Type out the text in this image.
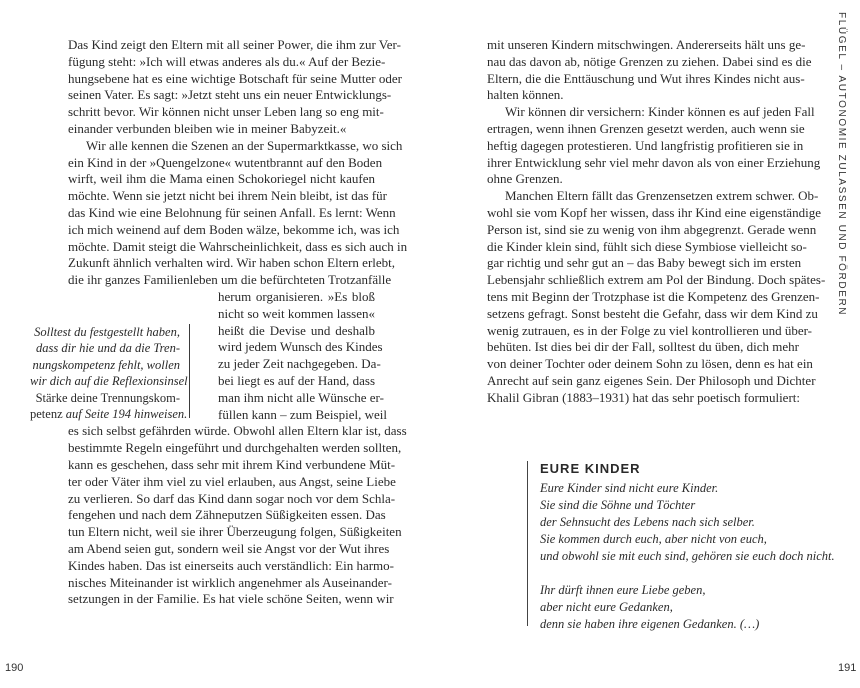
FLÜGEL – AUTONOMIE ZULASSEN UND FÖRDERN
Das Kind zeigt den Eltern mit all seiner Power, die ihm zur Ver-
fügung steht: »Ich will etwas anderes als du.« Auf der Bezie-
hungsebene hat es eine wichtige Botschaft für seine Mutter oder
seinen Vater. Es sagt: »Jetzt steht uns ein neuer Entwicklungs-
schritt bevor. Wir können nicht unser Leben lang so eng mit-
einander verbunden bleiben wie in meiner Babyzeit.«
Wir alle kennen die Szenen an der Supermarktkasse, wo sich
ein Kind in der »Quengelzone« wutentbrannt auf den Boden
wirft, weil ihm die Mama einen Schokoriegel nicht kaufen
möchte. Wenn sie jetzt nicht bei ihrem Nein bleibt, ist das für
das Kind wie eine Belohnung für seinen Anfall. Es lernt: Wenn
ich mich weinend auf dem Boden wälze, bekomme ich, was ich
möchte. Damit steigt die Wahrscheinlichkeit, dass es sich auch in
Zukunft ähnlich verhalten wird. Wir haben schon Eltern erlebt,
die ihr ganzes Familienleben um die befürchteten Trotzanfälle
herum organisieren. »Es bloß
nicht so weit kommen lassen«
heißt die Devise und deshalb
wird jedem Wunsch des Kindes
zu jeder Zeit nachgegeben. Da-
bei liegt es auf der Hand, dass
man ihm nicht alle Wünsche er-
füllen kann – zum Beispiel, weil
es sich selbst gefährden würde. Obwohl allen Eltern klar ist, dass
bestimmte Regeln eingeführt und durchgehalten werden sollten,
kann es geschehen, dass sehr mit ihrem Kind verbundene Müt-
ter oder Väter ihm viel zu viel erlauben, aus Angst, seine Liebe
zu verlieren. So darf das Kind dann sogar noch vor dem Schla-
fengehen und nach dem Zähneputzen Süßigkeiten essen. Das
tun Eltern nicht, weil sie ihrer Überzeugung folgen, Süßigkeiten
am Abend seien gut, sondern weil sie Angst vor der Wut ihres
Kindes haben. Das ist einerseits auch verständlich: Ein harmo-
nisches Miteinander ist wirklich angenehmer als Auseinander-
setzungen in der Familie. Es hat viele schöne Seiten, wenn wir
Solltest du festgestellt haben,
dass dir hie und da die Tren-
nungskompetenz fehlt, wollen
wir dich auf die Reflexionsinsel
Stärke deine Trennungskom-
petenz auf Seite 194 hinweisen.
mit unseren Kindern mitschwingen. Andererseits hält uns ge-
nau das davon ab, nötige Grenzen zu ziehen. Dabei sind es die
Eltern, die die Enttäuschung und Wut ihres Kindes nicht aus-
halten können.
Wir können dir versichern: Kinder können es auf jeden Fall
ertragen, wenn ihnen Grenzen gesetzt werden, auch wenn sie
heftig dagegen protestieren. Und langfristig profitieren sie in
ihrer Entwicklung sehr viel mehr davon als von einer Erziehung
ohne Grenzen.
Manchen Eltern fällt das Grenzensetzen extrem schwer. Ob-
wohl sie vom Kopf her wissen, dass ihr Kind eine eigenständige
Person ist, sind sie zu wenig von ihm abgegrenzt. Gerade wenn
die Kinder klein sind, fühlt sich diese Symbiose vielleicht so-
gar richtig und sehr gut an – das Baby bewegt sich im ersten
Lebensjahr schließlich extrem am Pol der Bindung. Doch spätes-
tens mit Beginn der Trotzphase ist die Kompetenz des Grenzen-
setzens gefragt. Sonst besteht die Gefahr, dass wir dem Kind zu
wenig zutrauen, es in der Folge zu viel kontrollieren und über-
behüten. Ist dies bei dir der Fall, solltest du üben, dich mehr
von deiner Tochter oder deinem Sohn zu lösen, denn es hat ein
Anrecht auf sein ganz eigenes Sein. Der Philosoph und Dichter
Khalil Gibran (1883–1931) hat das sehr poetisch formuliert:
EURE KINDER
Eure Kinder sind nicht eure Kinder.
Sie sind die Söhne und Töchter
der Sehnsucht des Lebens nach sich selber.
Sie kommen durch euch, aber nicht von euch,
und obwohl sie mit euch sind, gehören sie euch doch nicht.
Ihr dürft ihnen eure Liebe geben,
aber nicht eure Gedanken,
denn sie haben ihre eigenen Gedanken. (…)
190	191
